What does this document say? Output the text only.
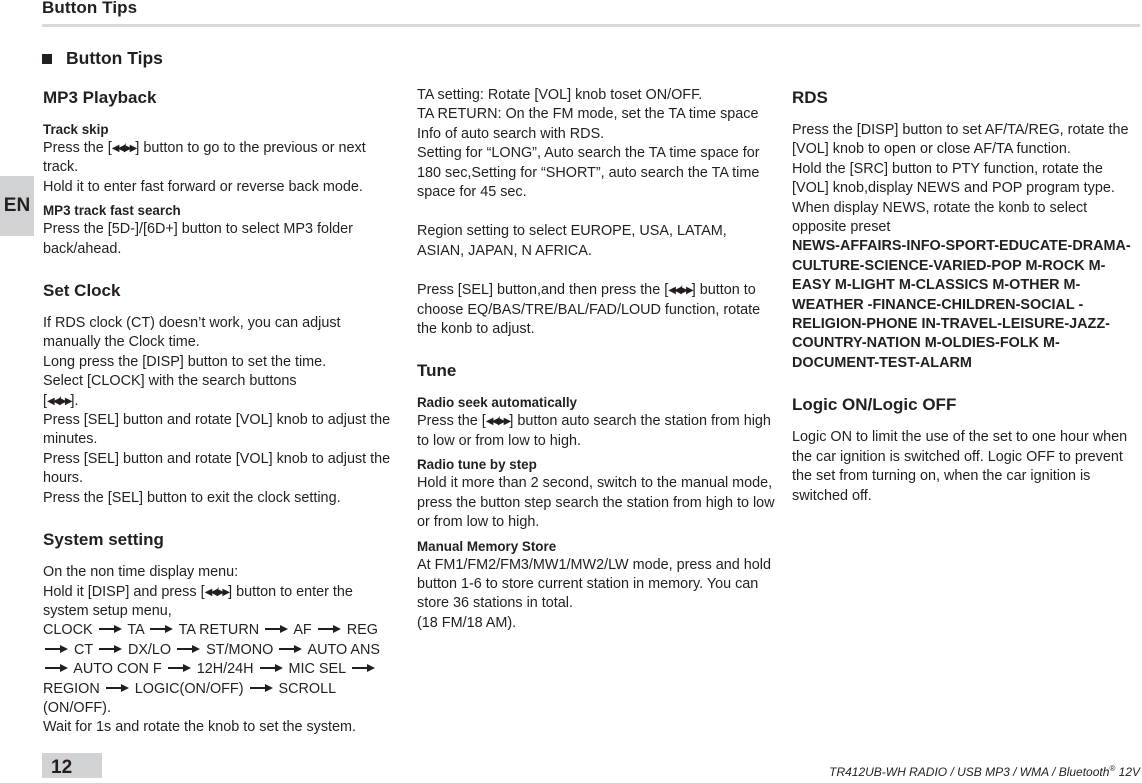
Button Tips
EN
Button Tips
MP3 Playback
Track skip

Press the [◀◀/▶▶] button to go to the previous or next track.

Hold it to enter fast forward or reverse back mode.

MP3 track fast search

Press the [5D-]/[6D+] button to select MP3 folder back/ahead.

Set Clock

If RDS clock (CT) doesn’t work, you can adjust manually the Clock time.

Long press the [DISP] button to set the time.

Select [CLOCK] with the search buttons

[◀◀/▶▶].

Press [SEL] button and rotate [VOL] knob to adjust the minutes.

Press [SEL] button and rotate [VOL] knob to adjust the hours.

Press the [SEL] button to exit the clock setting.

System setting

On the non time display menu:

Hold it [DISP] and press [◀◀/▶▶] button to enter the system setup menu,

CLOCK TA TA RETURN AF REG
CT DX/LO ST/MONO AUTO ANS
AUTO CON F 12H/24H MIC SEL
REGION LOGIC(ON/OFF) SCROLL (ON/OFF).

Wait for 1s and rotate the knob to set the system.

TA setting: Rotate [VOL] knob toset ON/OFF.

TA RETURN: On the FM mode, set the TA time space Info of auto search with RDS.

Setting for “LONG”, Auto search the TA time space for 180 sec,Setting for “SHORT”, auto search the TA time space for 45 sec.

Region setting to select EUROPE, USA, LATAM, ASIAN, JAPAN, N AFRICA.

Press [SEL] button,and then press the [◀◀/▶▶] button to choose EQ/BAS/TRE/BAL/FAD/LOUD function, rotate the konb to adjust.

Tune
Radio seek automatically

Press the [◀◀/▶▶] button auto search the station from high to low or from low to high.

Radio tune by step

Hold it more than 2 second, switch to the manual mode, press the button step search the station from high to low or from low to high.

Manual Memory Store

At FM1/FM2/FM3/MW1/MW2/LW mode, press and hold button 1-6 to store current station in memory. You can store 36 stations in total.

(18 FM/18 AM).

RDS

Press the [DISP] button to set AF/TA/REG, rotate the [VOL] knob to open or close AF/TA function.

Hold the [SRC] button to PTY function, rotate the [VOL] knob,display NEWS and POP program type.

When display NEWS, rotate the konb to select opposite preset

NEWS-AFFAIRS-INFO-SPORT-EDUCATE-DRAMA-CULTURE-SCIENCE-VARIED-POP M-ROCK M-EASY M-LIGHT M-CLASSICS M-OTHER M-WEATHER -FINANCE-CHILDREN-SOCIAL -RELIGION-PHONE IN-TRAVEL-LEISURE-JAZZ-COUNTRY-NATION M-OLDIES-FOLK M-DOCUMENT-TEST-ALARM

Logic ON/Logic OFF

Logic ON to limit the use of the set to one hour when the car ignition is switched off. Logic OFF to prevent the set from turning on, when the car ignition is switched off.

12	TR412UB-WH RADIO / USB MP3 / WMA / Bluetooth® 12V
